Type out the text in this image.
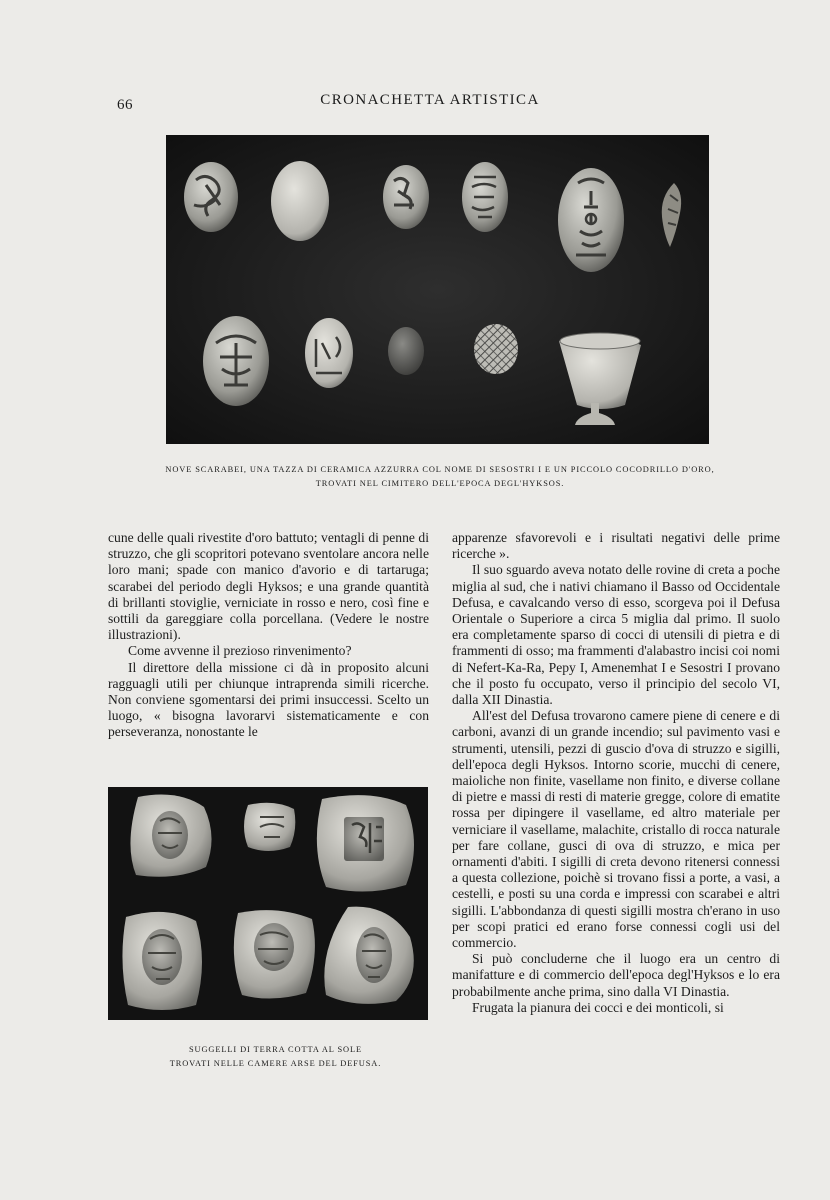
66	CRONACHETTA ARTISTICA
NOVE SCARABEI, UNA TAZZA DI CERAMICA AZZURRA COL NOME DI SESOSTRI I E UN PICCOLO COCODRILLO D'ORO,
TROVATI NEL CIMITERO DELL'EPOCA DEGL'HYKSOS.

cune delle quali rivestite d'oro battuto; ventagli di penne di struzzo, che gli scopritori potevano sventolare ancora nelle loro mani; spade con manico d'avorio e di tartaruga; scarabei del periodo degli Hyksos; e una grande quantità di brillanti stoviglie, verniciate in rosso e nero, così fine e sottili da gareggiare colla porcellana. (Vedere le nostre illustrazioni).

Come avvenne il prezioso rinvenimento?

Il direttore della missione ci dà in proposito alcuni ragguagli utili per chiunque intraprenda simili ricerche. Non conviene sgomentarsi dei primi insuccessi. Scelto un luogo, « bisogna lavorarvi sistematicamente e con perseveranza, nonostante le

SUGGELLI DI TERRA COTTA AL SOLE
TROVATI NELLE CAMERE ARSE DEL DEFUSA.

apparenze sfavorevoli e i risultati negativi delle prime ricerche ».

Il suo sguardo aveva notato delle rovine di creta a poche miglia al sud, che i nativi chiamano il Basso od Occidentale Defusa, e cavalcando verso di esso, scorgeva poi il Defusa Orientale o Superiore a circa 5 miglia dal primo. Il suolo era completamente sparso di cocci di utensili di pietra e di frammenti di osso; ma frammenti d'alabastro incisi coi nomi di Nefert-Ka-Ra, Pepy I, Amenemhat I e Sesostri I provano che il posto fu occupato, verso il principio del secolo VI, dalla XII Dinastia.

All'est del Defusa trovarono camere piene di cenere e di carboni, avanzi di un grande incendio; sul pavimento vasi e strumenti, utensili, pezzi di guscio d'ova di struzzo e sigilli, dell'epoca degli Hyksos. Intorno scorie, mucchi di cenere, maioliche non finite, vasellame non finito, e diverse collane di pietre e massi di resti di materie gregge, colore di ematite rossa per dipingere il vasellame, ed altro materiale per verniciare il vasellame, malachite, cristallo di rocca naturale per fare collane, gusci di ova di struzzo, e mica per ornamenti d'abiti. I sigilli di creta devono ritenersi connessi a questa collezione, poichè si trovano fissi a porte, a vasi, a cestelli, e posti su una corda e impressi con scarabei e altri sigilli. L'abbondanza di questi sigilli mostra ch'erano in uso per scopi pratici ed erano forse connessi cogli usi del commercio.

Si può concluderne che il luogo era un centro di manifatture e di commercio dell'epoca degl'Hyksos e lo era probabilmente anche prima, sino dalla VI Dinastia.

Frugata la pianura dei cocci e dei monticoli, si
